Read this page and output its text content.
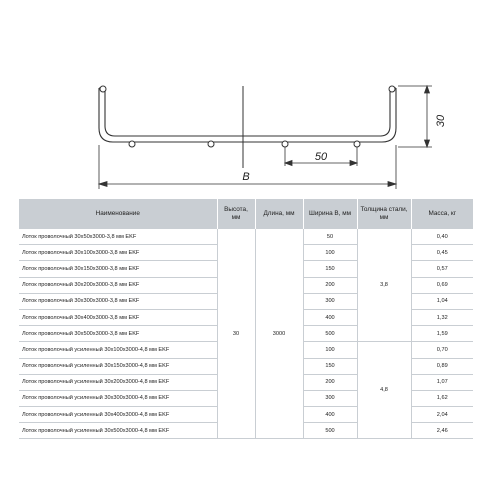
30
50
B
Наименование	Высота, мм	Длина, мм	Ширина B, мм	Толщина стали, мм	Масса, кг
Лоток проволочный 30х50х3000-3,8 мм EKF	30	3000	50	3,8	0,40
Лоток проволочный 30х100х3000-3,8 мм EKF			100		0,45
Лоток проволочный 30х150х3000-3,8 мм EKF			150		0,57
Лоток проволочный 30х200х3000-3,8 мм EKF			200		0,69
Лоток проволочный 30х300х3000-3,8 мм EKF			300		1,04
Лоток проволочный 30х400х3000-3,8 мм EKF			400		1,32
Лоток проволочный 30х500х3000-3,8 мм EKF			500		1,59
Лоток проволочный усиленный 30х100х3000-4,8 мм EKF			100	4,8	0,70
Лоток проволочный усиленный 30х150х3000-4,8 мм EKF			150		0,89
Лоток проволочный усиленный 30х200х3000-4,8 мм EKF			200		1,07
Лоток проволочный усиленный 30х300х3000-4,8 мм EKF			300		1,62
Лоток проволочный усиленный 30х400х3000-4,8 мм EKF			400		2,04
Лоток проволочный усиленный 30х500х3000-4,8 мм EKF			500		2,46
